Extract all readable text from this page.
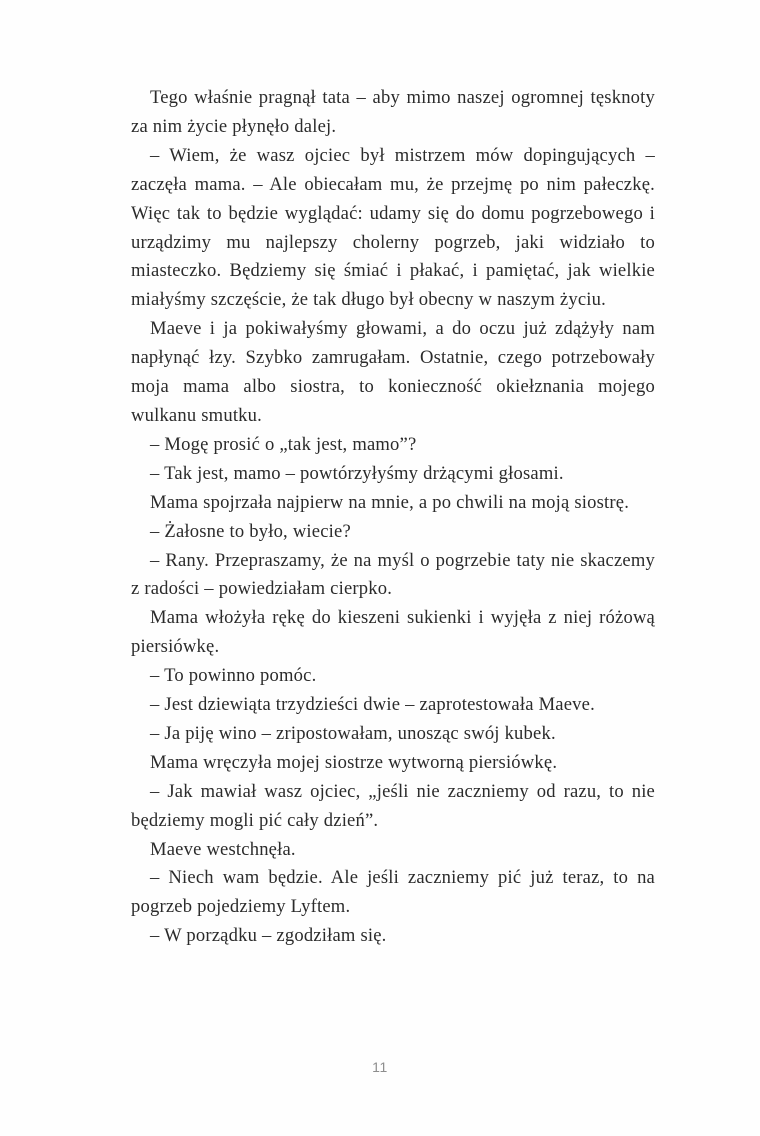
Tego właśnie pragnął tata – aby mimo naszej ogromnej tęsknoty za nim życie płynęło dalej.

– Wiem, że wasz ojciec był mistrzem mów dopingujących – zaczęła mama. – Ale obiecałam mu, że przejmę po nim pałeczkę. Więc tak to będzie wyglądać: udamy się do domu pogrzebowego i urządzimy mu najlepszy cholerny pogrzeb, jaki widziało to miasteczko. Będziemy się śmiać i płakać, i pamiętać, jak wielkie miałyśmy szczęście, że tak długo był obecny w naszym życiu.

Maeve i ja pokiwałyśmy głowami, a do oczu już zdążyły nam napłynąć łzy. Szybko zamrugałam. Ostatnie, czego potrzebowały moja mama albo siostra, to konieczność okiełznania mojego wulkanu smutku.

– Mogę prosić o „tak jest, mamo”?

– Tak jest, mamo – powtórzyłyśmy drżącymi głosami.

Mama spojrzała najpierw na mnie, a po chwili na moją siostrę.

– Żałosne to było, wiecie?

– Rany. Przepraszamy, że na myśl o pogrzebie taty nie skaczemy z radości – powiedziałam cierpko.

Mama włożyła rękę do kieszeni sukienki i wyjęła z niej różową piersiówkę.

– To powinno pomóc.

– Jest dziewiąta trzydzieści dwie – zaprotestowała Maeve.

– Ja piję wino – zripostowałam, unosząc swój kubek.

Mama wręczyła mojej siostrze wytworną piersiówkę.

– Jak mawiał wasz ojciec, „jeśli nie zaczniemy od razu, to nie będziemy mogli pić cały dzień”.

Maeve westchnęła.

– Niech wam będzie. Ale jeśli zaczniemy pić już teraz, to na pogrzeb pojedziemy Lyftem.

– W porządku – zgodziłam się.

11
